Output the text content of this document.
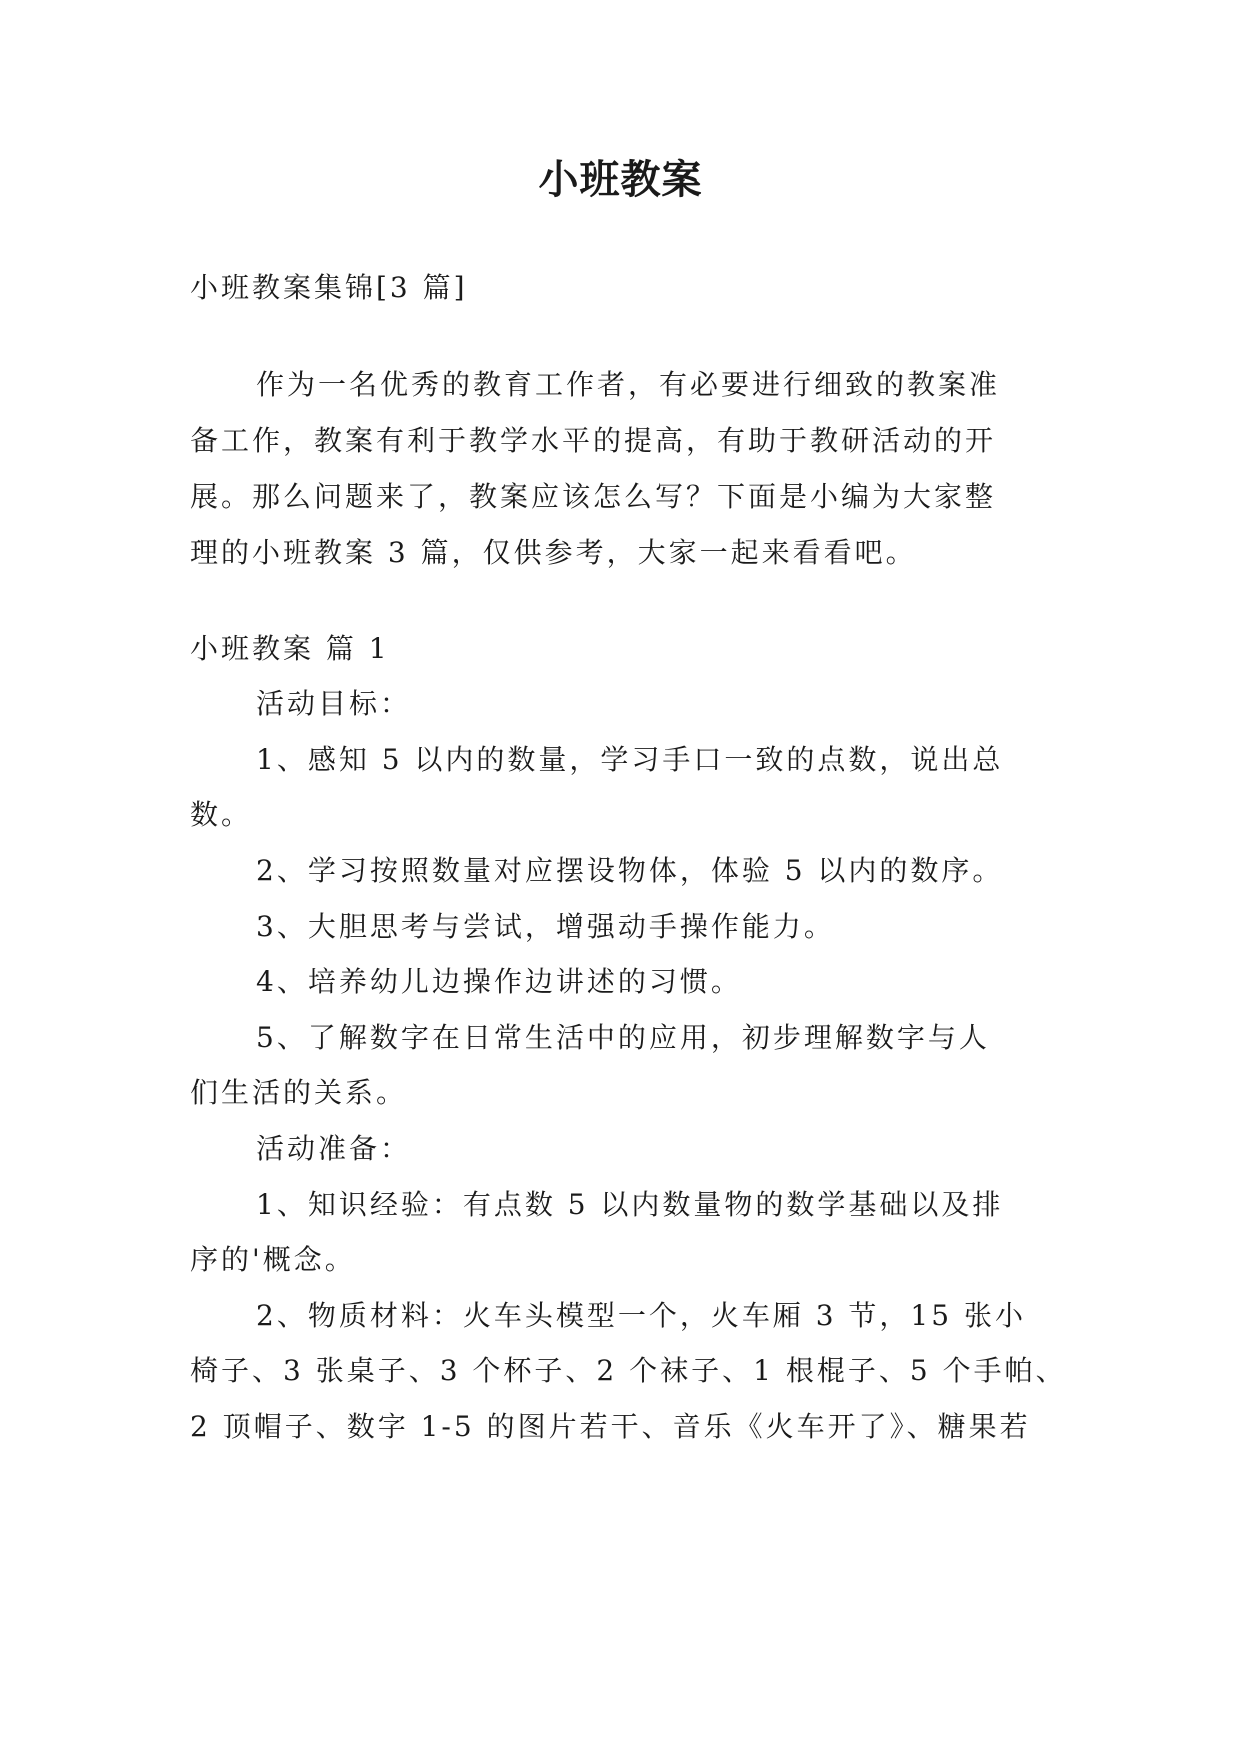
小班教案

小班教案集锦[3 篇]

作为一名优秀的教育工作者，有必要进行细致的教案准

备工作，教案有利于教学水平的提高，有助于教研活动的开

展。那么问题来了，教案应该怎么写？下面是小编为大家整

理的小班教案 3 篇，仅供参考，大家一起来看看吧。

小班教案 篇 1

活动目标：

1、感知 5 以内的数量，学习手口一致的点数，说出总

数。

2、学习按照数量对应摆设物体，体验 5 以内的数序。

3、大胆思考与尝试，增强动手操作能力。

4、培养幼儿边操作边讲述的习惯。

5、了解数字在日常生活中的应用，初步理解数字与人

们生活的关系。

活动准备：

1、知识经验：有点数 5 以内数量物的数学基础以及排

序的'概念。

2、物质材料：火车头模型一个，火车厢 3 节，15 张小

椅子、3 张桌子、3 个杯子、2 个袜子、1 根棍子、5 个手帕、

2 顶帽子、数字 1-5 的图片若干、音乐《火车开了》、糖果若
